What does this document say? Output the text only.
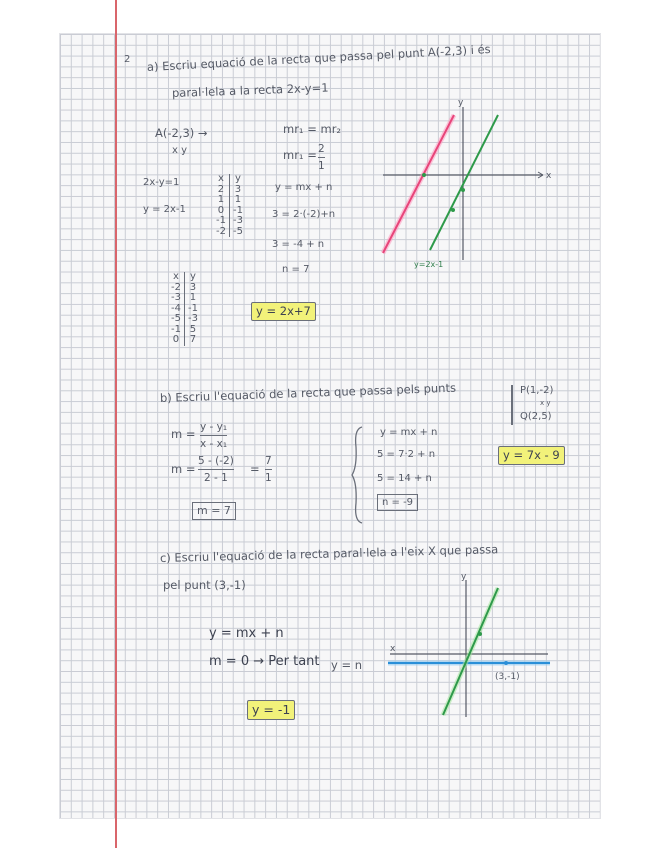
2 a) Escriu equació de la recta que passa pel punt A(-2,3) i és
paral·lela a la recta 2x-y=1
A(-2,3) →
x y
mr₁ = mr₂
mr₁ = 2
1
2x-y=1
y = 2x-1
x
2
1
0
-1
-2
y
3
1
-1
-3
-5
y = mx + n
3 = 2·(-2)+n
3 = -4 + n
n = 7
x
-2
-3
-4
-5
-1
0
y
3
1
-1
-3
5
7
y = 2x+7
y
x
y=2x-1
b) Escriu l'equació de la recta que passa pels punts	P(1,-2)
x y
Q(2,5)
m = y - y₁
x - x₁
m =
5 - (-2)
2 - 1
=
7
1
m = 7
y = mx + n
5 = 7·2 + n
5 = 14 + n
n = -9
y = 7x - 9
c) Escriu l'equació de la recta paral·lela a l'eix X que passa
pel punt (3,-1)
y = mx + n
m = 0 → Per tant y = n
y = -1
y
x
(3,-1)
